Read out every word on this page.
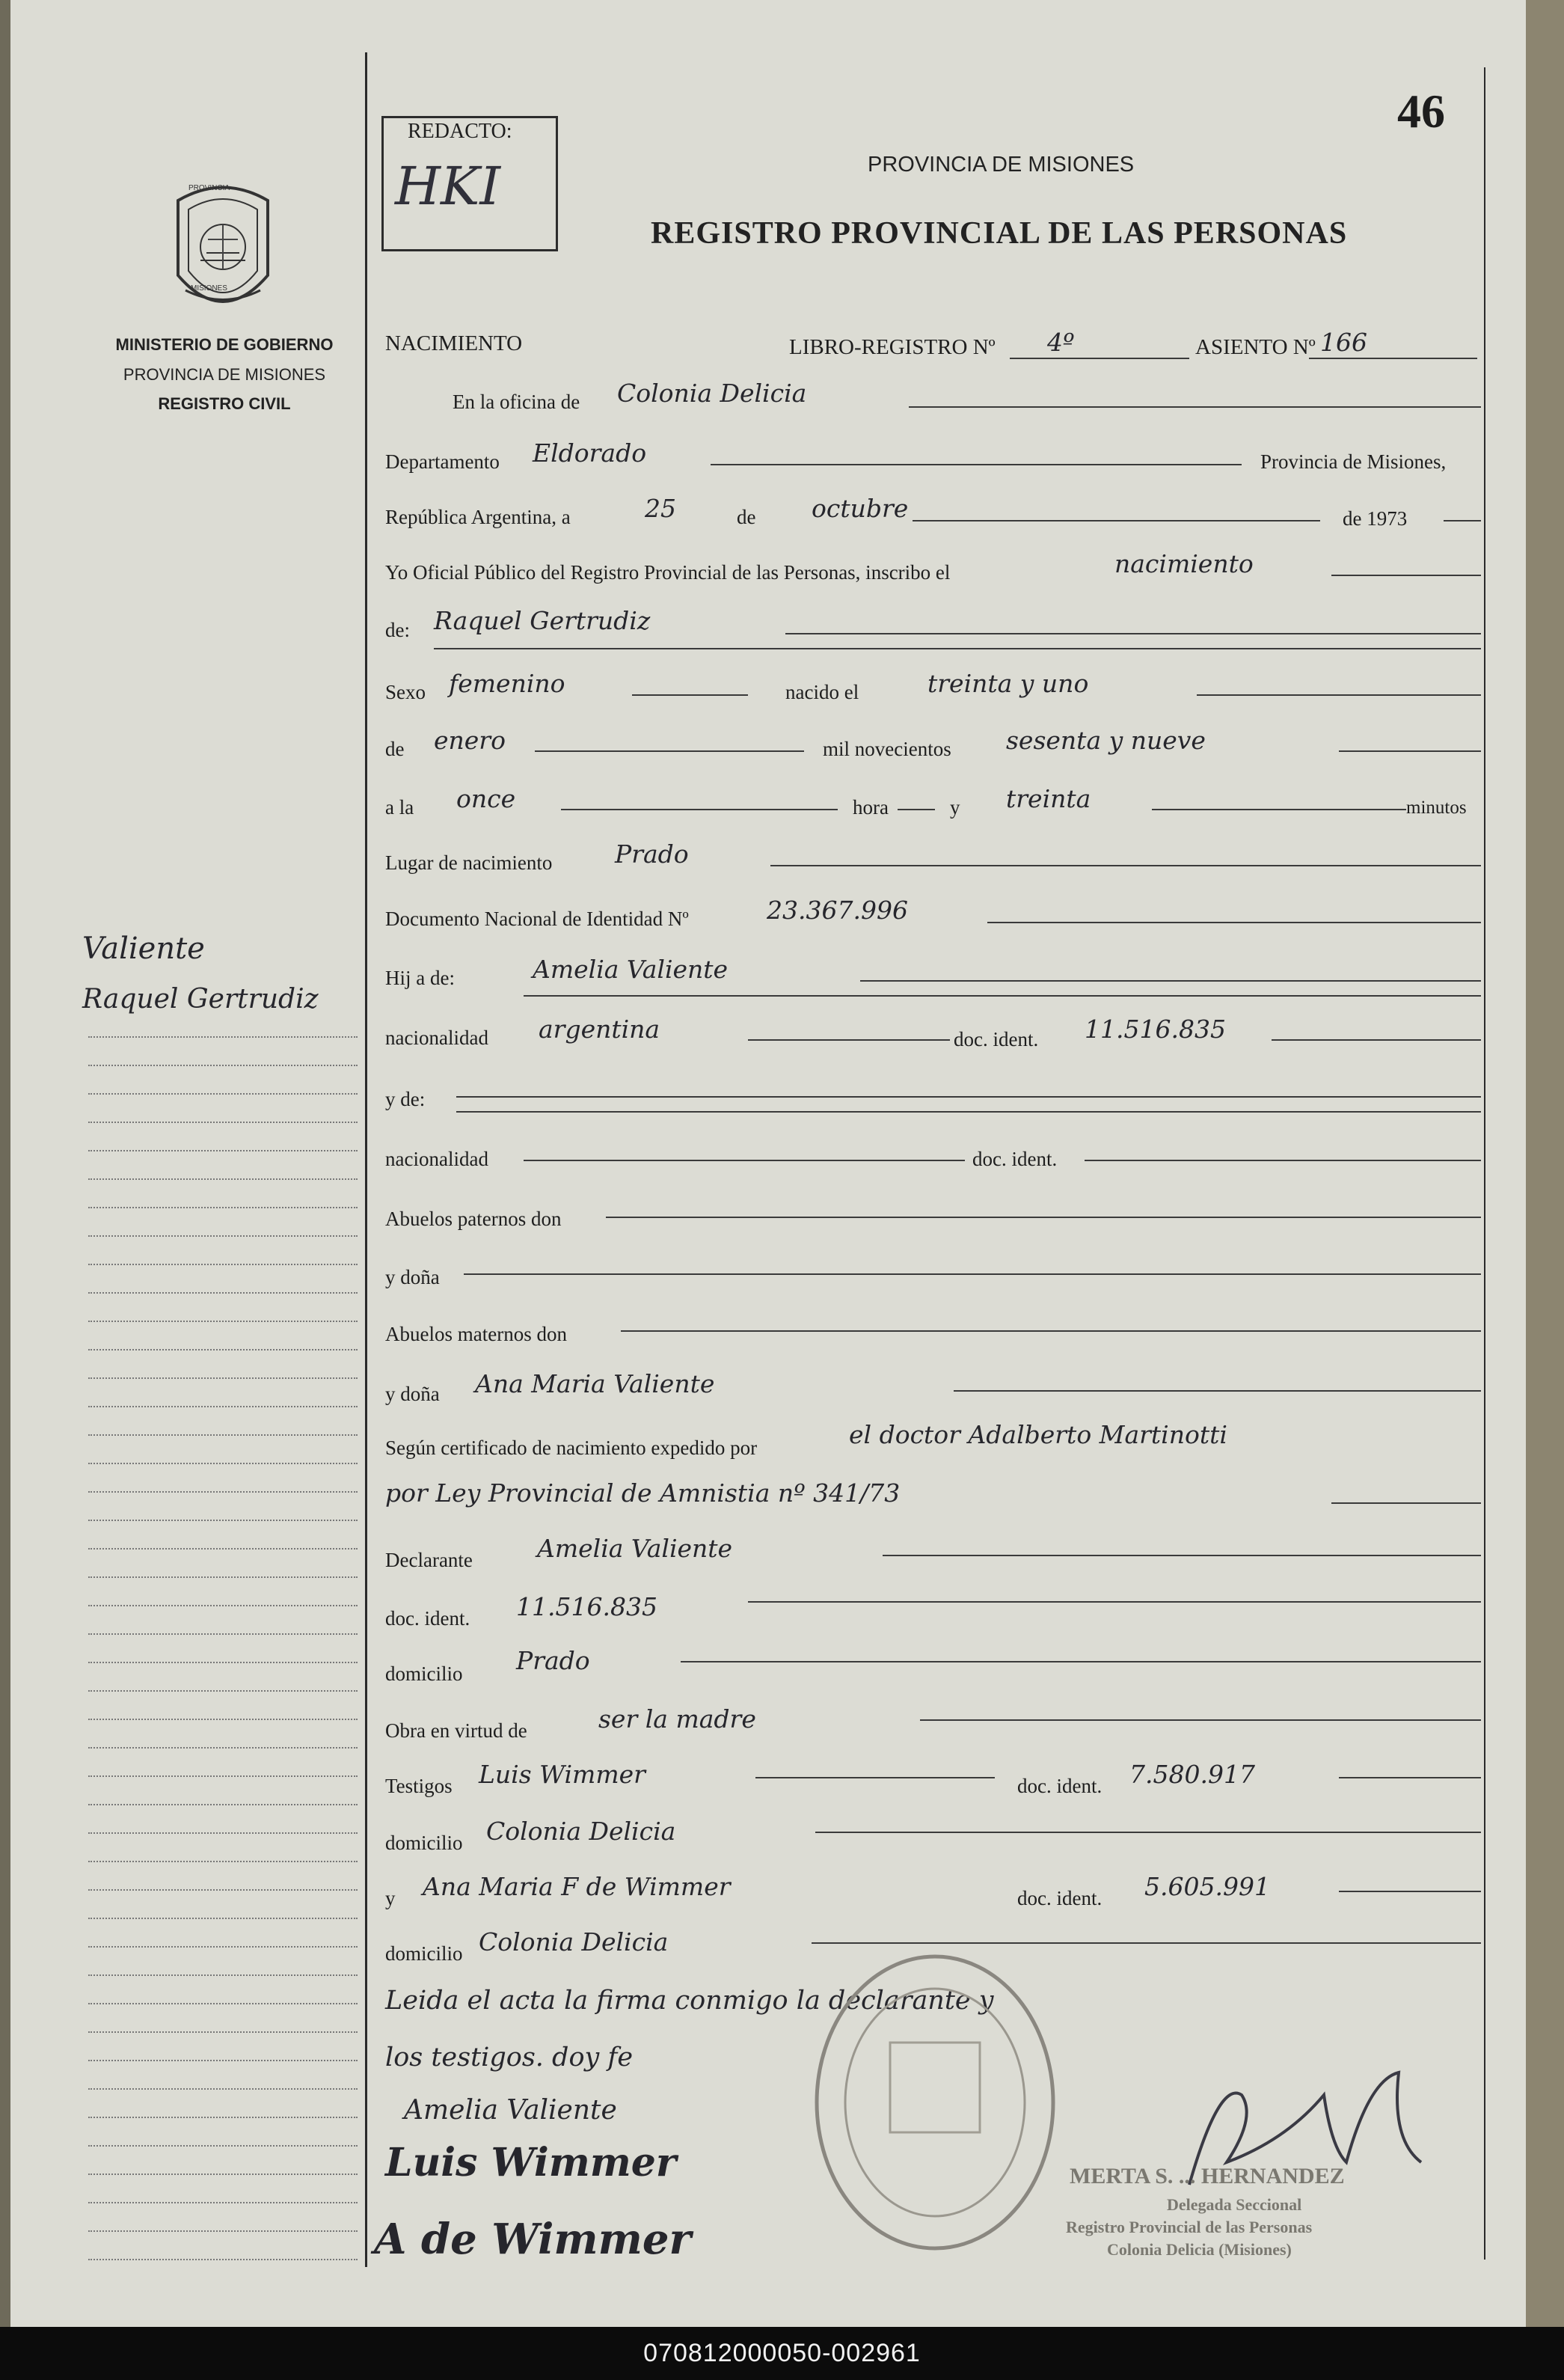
PROVINCIA
MISIONES
MINISTERIO DE GOBIERNO
PROVINCIA DE MISIONES
REGISTRO CIVIL
Valiente
Raquel Gertrudiz
REDACTO:
HKI
46
PROVINCIA DE MISIONES
REGISTRO PROVINCIAL DE LAS PERSONAS
NACIMIENTO	LIBRO-REGISTRO Nº 4º	ASIENTO Nº 166
En la oficina de Colonia Delicia
Departamento Eldorado	Provincia de Misiones,
República Argentina, a	25	de octubre	de 1973
Yo Oficial Público del Registro Provincial de las Personas, inscribo el	nacimiento
de: Raquel Gertrudiz
Sexo femenino	nacido el	treinta y uno
de enero	mil novecientos sesenta y nueve
a la once	hora	y treinta	minutos
Lugar de nacimiento	Prado
Documento Nacional de Identidad Nº	23.367.996
Hij a de:	Amelia Valiente
nacionalidad argentina	doc. ident. 11.516.835
y de:
nacionalidad	doc. ident.
Abuelos paternos don
y doña
Abuelos maternos don
y doña Ana Maria Valiente
Según certificado de nacimiento expedido por	el doctor Adalberto Martinotti
por Ley Provincial de Amnistia nº 341/73
Declarante	Amelia Valiente
doc. ident. 11.516.835
domicilio Prado
Obra en virtud de	ser la madre
Testigos Luis Wimmer	doc. ident. 7.580.917
domicilio Colonia Delicia
y Ana Maria F de Wimmer	doc. ident. 5.605.991
domicilio Colonia Delicia
Leida el acta la firma conmigo la declarante y
los testigos. doy fe
Amelia Valiente
Luis Wimmer
A de Wimmer
MERTA S. ... HERNANDEZ
Delegada Seccional
Registro Provincial de las Personas
Colonia Delicia (Misiones)
070812000050-002961
